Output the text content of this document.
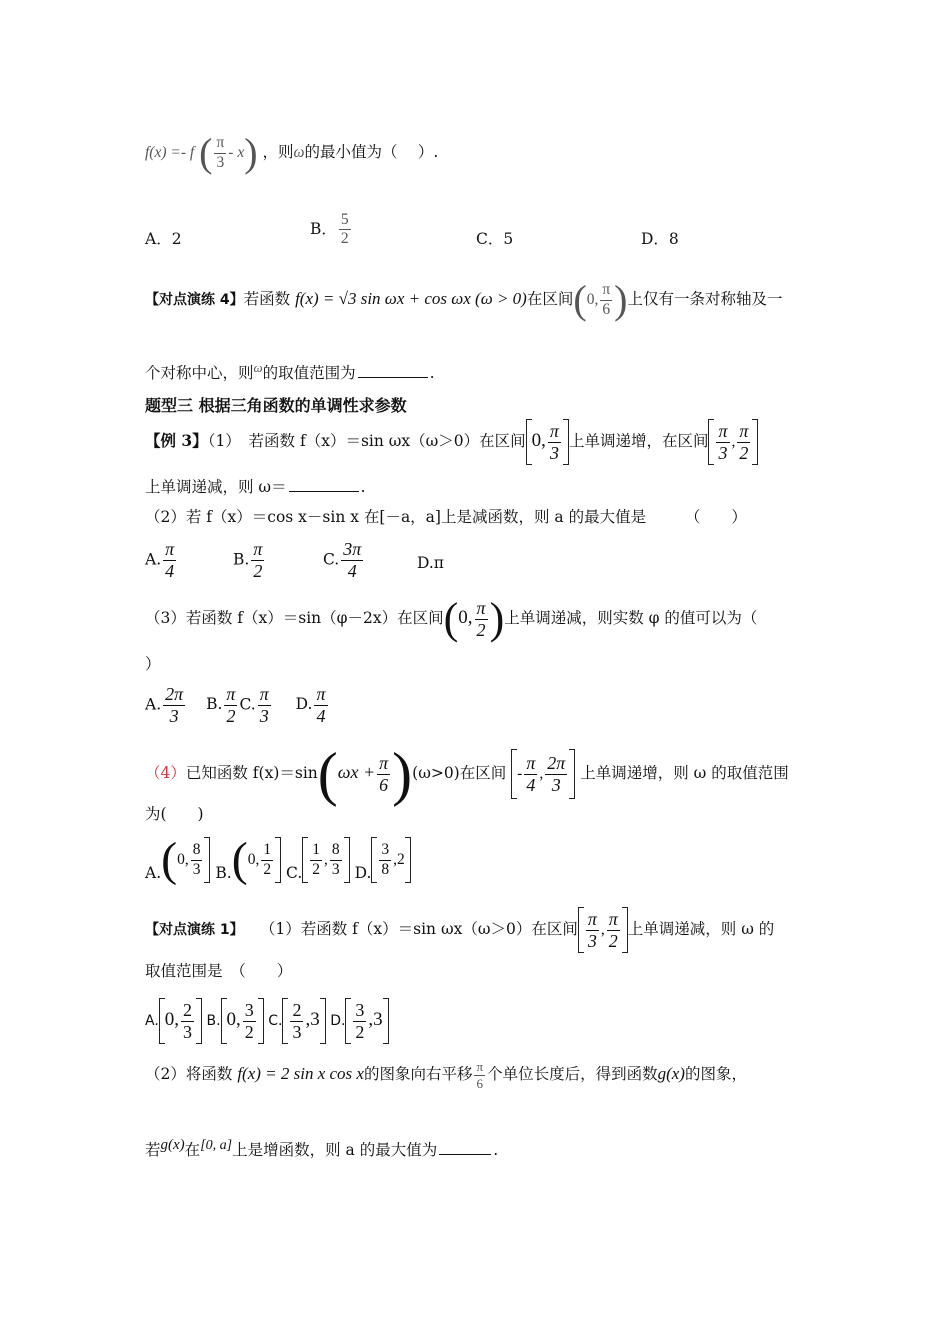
f(x) =- f ( $\frac{\pi}{3} - x$) ，则ω的最小值为（　 ）.
A．2
B． $\frac{5}{2}$	C．5	D．8
【对点演练 4】若函数 f(x) = √3 sin ωx + cos ωx (ω > 0)在区间(0, $\frac{\pi}{6}$ )上仅有一条对称轴及一
个对称中心，则$^\omega$的取值范围为	.
题型三 根据三角函数的单调性求参数
【例 3】（1）　若函数 f（x）＝sin ωx（ω＞0）在区间 0, $\frac{\pi}{3}$ 上单调递增，在区间 $\frac{\pi}{3}$ , $\frac{\pi}{2}$
上单调递减，则 ω＝	.
（2）若 f（x）＝cos x－sin x 在[－a，a]上是减函数，则 a 的最大值是　　　（　　）
A. $\frac{\pi}{4}$	B. $\frac{\pi}{2}$	C. $\frac{3\pi}{4}$	D.π
（3）若函数 f（x）＝sin（φ－2x）在区间(0, $\frac{\pi}{2}$ )上单调递减，则实数 φ 的值可以为（
）
A. $\frac{2\pi}{3} B$. $\frac{\pi}{2} C$. $\frac{\pi}{3} D$. $\frac{\pi}{4}$
（4）已知函数 $f(x)=\sin(\omega x + \frac{\pi}{6} )(\omega>0)$在区间 - $\frac{\pi}{4}$ , $\frac{2\pi}{3}$ 上单调递增，则 ω 的取值范围
为(　　)
A.(0, $\frac{8}{3} B.(0$, $\frac{1}{2} C$. $\frac{1}{2}$ , $\frac{8}{3} D$. $\frac{3}{8} ,2$
【对点演练 1】 （1）若函数 f（x）＝sin ωx（ω＞0）在区间 $\frac{\pi}{3}$ , $\frac{\pi}{2}$ 上单调递减，则 ω 的
取值范围是　（　　）
A. 0, $\frac{2}{3} B$. 0, $\frac{3}{2} C$. $\frac{2}{3} ,3$ D. $\frac{3}{2} ,3$
（2）将函数 f(x) = 2 sin x cos x的图象向右平移 $\frac{\pi}{6}$ 个单位长度后，得到函数g(x)的图象，
若$^{g(x)}$在[0, a]上是增函数，则 a 的最大值为	.
